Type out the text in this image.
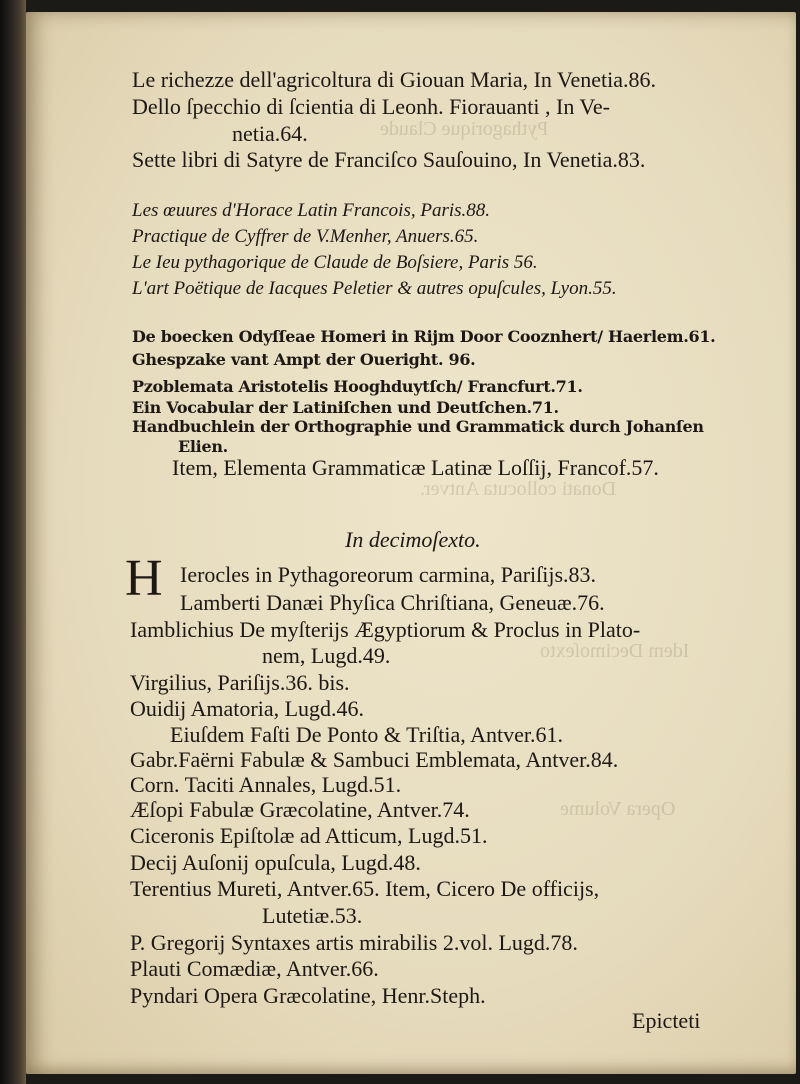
Pythagorique Claude
Donati collocuta Antver.
Idem Decimoſexto
Opera Volume
Le richezze dell'agricoltura di Giouan Maria, In Venetia.86.
Dello ſpecchio di ſcientia di Leonh. Fiorauanti , In Ve-
netia.64.
Sette libri di Satyre de Franciſco Sauſouino, In Venetia.83.
Les œuures d'Horace Latin Francois, Paris.88.
Practique de Cyffrer de V.Menher, Anuers.65.
Le Ieu pythagorique de Claude de Boſsiere, Paris 56.
L'art Poëtique de Iacques Peletier & autres opuſcules, Lyon.55.
De boecken Odyſſeae Homeri in Rijm Door Cooznhert/ Haerlem.61.
Ghespzake vant Ampt der Oueright. 96.
Pzoblemata Aristotelis Hooghduytſch/ Francfurt.71.
Ein Vocabular der Latiniſchen und Deutſchen.71.
Handbuchlein der Orthographie und Grammatick durch Johanſen
Elien.
Item, Elementa Grammaticæ Latinæ Loſſij, Francof.57.
In decimoſexto.
H Ierocles in Pythagoreorum carmina, Pariſijs.83.
Lamberti Danæi Phyſica Chriſtiana, Geneuæ.76.
Iamblichius De myſterijs Ægyptiorum & Proclus in Plato-
nem, Lugd.49.
Virgilius, Pariſijs.36. bis.
Ouidij Amatoria, Lugd.46.
Eiuſdem Faſti De Ponto & Triſtia, Antver.61.
Gabr.Faërni Fabulæ & Sambuci Emblemata, Antver.84.
Corn. Taciti Annales, Lugd.51.
Æſopi Fabulæ Græcolatine, Antver.74.
Ciceronis Epiſtolæ ad Atticum, Lugd.51.
Decij Auſonij opuſcula, Lugd.48.
Terentius Mureti, Antver.65. Item, Cicero De officijs,
Lutetiæ.53.
P. Gregorij Syntaxes artis mirabilis 2.vol. Lugd.78.
Plauti Comædiæ, Antver.66.
Pyndari Opera Græcolatine, Henr.Steph.
Epicteti
